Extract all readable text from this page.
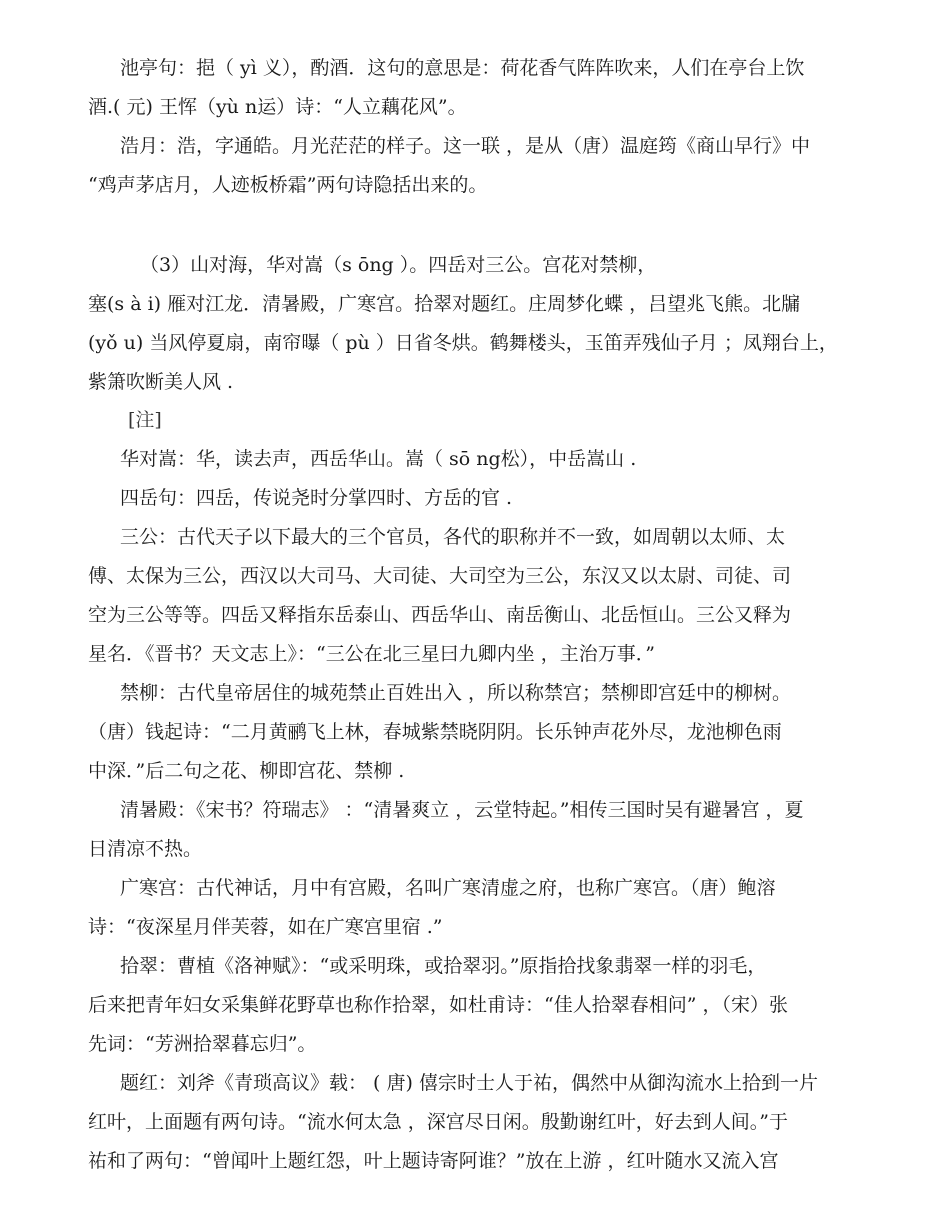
池亭句：挹（ yì 义），酌酒．这句的意思是：荷花香气阵阵吹来，人们在亭台上饮
酒.( 元) 王恽（yù n运）诗：“人立藕花风”。
浩月：浩，字通皓。月光茫茫的样子。这一联 ，是从（唐）温庭筠《商山早行》中
“鸡声茅店月，人迹板桥霜”两句诗隐括出来的。
（3）山对海，华对嵩（s ōng ）。四岳对三公。宫花对禁柳，
塞(s à i) 雁对江龙．清暑殿，广寒宫。拾翠对题红。庄周梦化蝶 ，吕望兆飞熊。北牖
(yǒ u) 当风停夏扇，南帘曝（ pù ）日省冬烘。鹤舞楼头，玉笛弄残仙子月 ；凤翔台上，
紫箫吹断美人风 .
[注]
华对嵩：华，读去声，西岳华山。嵩（ sō ng松），中岳嵩山 .
四岳句：四岳，传说尧时分掌四时、方岳的官 .
三公：古代天子以下最大的三个官员，各代的职称并不一致，如周朝以太师、太
傅、太保为三公，西汉以大司马、大司徒、大司空为三公，东汉又以太尉、司徒、司
空为三公等等。四岳又释指东岳泰山、西岳华山、南岳衡山、北岳恒山。三公又释为
星名．《晋书？天文志上》：“三公在北三星曰九卿内坐 ，主治万事．”
禁柳：古代皇帝居住的城苑禁止百姓出入 ，所以称禁宫；禁柳即宫廷中的柳树。
（唐）钱起诗：“二月黄鹂飞上林，春城紫禁晓阴阴。长乐钟声花外尽，龙池柳色雨
中深．”后二句之花、柳即宫花、禁柳 .
清暑殿：《宋书？符瑞志》 ：“清暑爽立 ，云堂特起。”相传三国时吴有避暑宫 ，夏
日清凉不热。
广寒宫：古代神话，月中有宫殿，名叫广寒清虚之府，也称广寒宫。（唐）鲍溶
诗：“夜深星月伴芙蓉，如在广寒宫里宿 .”
拾翠：曹植《洛神赋》：“或采明珠，或拾翠羽。”原指拾找象翡翠一样的羽毛，
后来把青年妇女采集鲜花野草也称作拾翠，如杜甫诗：“佳人拾翠春相问” ，（宋）张
先词：“芳洲拾翠暮忘归”。
题红：刘斧《青琐高议》载： ( 唐) 僖宗时士人于祐，偶然中从御沟流水上拾到一片
红叶，上面题有两句诗。“流水何太急 ，深宫尽日闲。殷勤谢红叶，好去到人间。”于
祐和了两句：“曾闻叶上题红怨，叶上题诗寄阿谁？”放在上游 ，红叶随水又流入宫
